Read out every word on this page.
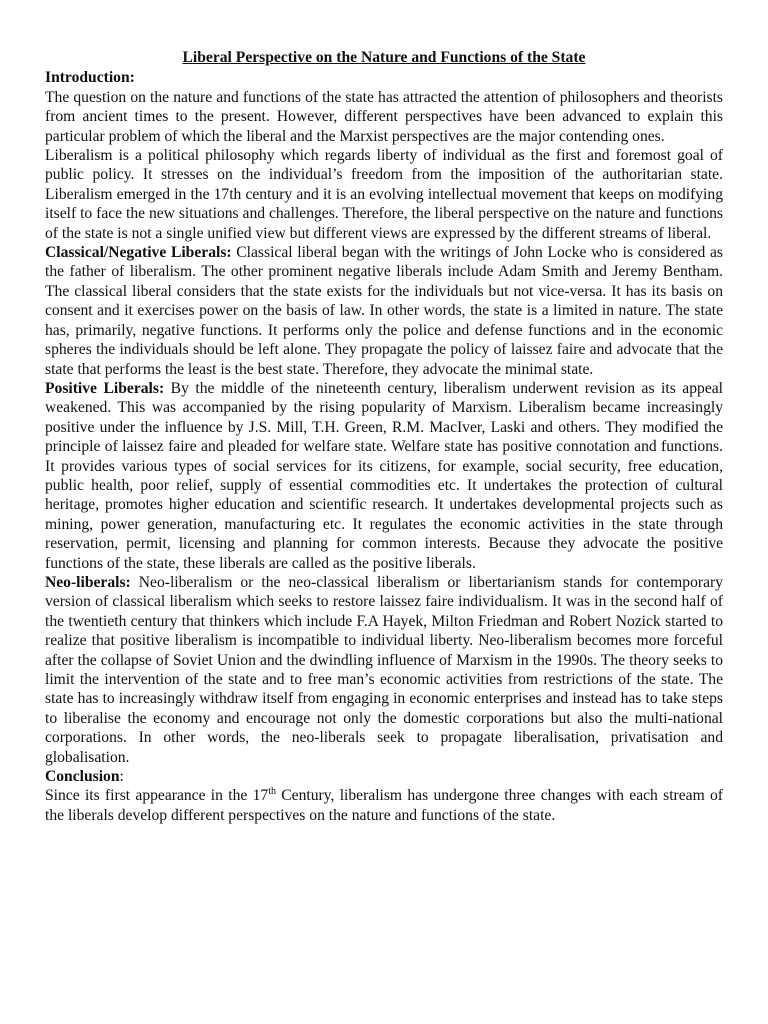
Liberal Perspective on the Nature and Functions of the State
Introduction:

The question on the nature and functions of the state has attracted the attention of philosophers and theorists from ancient times to the present. However, different perspectives have been advanced to explain this particular problem of which the liberal and the Marxist perspectives are the major contending ones.

Liberalism is a political philosophy which regards liberty of individual as the first and foremost goal of public policy. It stresses on the individual’s freedom from the imposition of the authoritarian state. Liberalism emerged in the 17th century and it is an evolving intellectual movement that keeps on modifying itself to face the new situations and challenges. Therefore, the liberal perspective on the nature and functions of the state is not a single unified view but different views are expressed by the different streams of liberal.

Classical/Negative Liberals: Classical liberal began with the writings of John Locke who is considered as the father of liberalism. The other prominent negative liberals include Adam Smith and Jeremy Bentham. The classical liberal considers that the state exists for the individuals but not vice-versa. It has its basis on consent and it exercises power on the basis of law. In other words, the state is a limited in nature. The state has, primarily, negative functions. It performs only the police and defense functions and in the economic spheres the individuals should be left alone. They propagate the policy of laissez faire and advocate that the state that performs the least is the best state. Therefore, they advocate the minimal state.

Positive Liberals: By the middle of the nineteenth century, liberalism underwent revision as its appeal weakened. This was accompanied by the rising popularity of Marxism. Liberalism became increasingly positive under the influence by J.S. Mill, T.H. Green, R.M. MacIver, Laski and others. They modified the principle of laissez faire and pleaded for welfare state. Welfare state has positive connotation and functions. It provides various types of social services for its citizens, for example, social security, free education, public health, poor relief, supply of essential commodities etc. It undertakes the protection of cultural heritage, promotes higher education and scientific research. It undertakes developmental projects such as mining, power generation, manufacturing etc. It regulates the economic activities in the state through reservation, permit, licensing and planning for common interests. Because they advocate the positive functions of the state, these liberals are called as the positive liberals.

Neo-liberals: Neo-liberalism or the neo-classical liberalism or libertarianism stands for contemporary version of classical liberalism which seeks to restore laissez faire individualism. It was in the second half of the twentieth century that thinkers which include F.A Hayek, Milton Friedman and Robert Nozick started to realize that positive liberalism is incompatible to individual liberty. Neo-liberalism becomes more forceful after the collapse of Soviet Union and the dwindling influence of Marxism in the 1990s. The theory seeks to limit the intervention of the state and to free man’s economic activities from restrictions of the state. The state has to increasingly withdraw itself from engaging in economic enterprises and instead has to take steps to liberalise the economy and encourage not only the domestic corporations but also the multi-national corporations. In other words, the neo-liberals seek to propagate liberalisation, privatisation and globalisation.

Conclusion:

Since its first appearance in the 17th Century, liberalism has undergone three changes with each stream of the liberals develop different perspectives on the nature and functions of the state.
